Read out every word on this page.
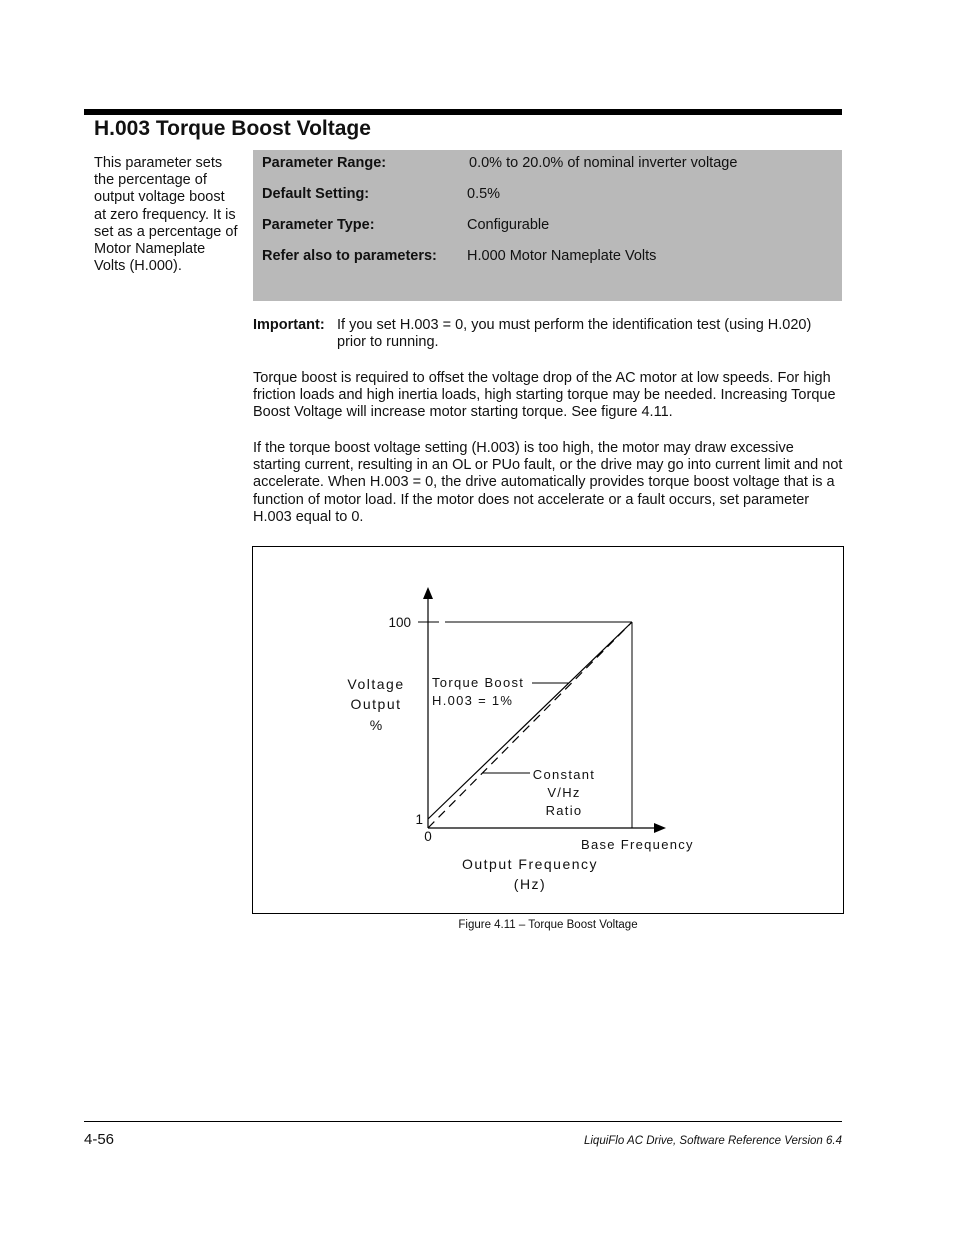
H.003 Torque Boost Voltage
This parameter sets the percentage of output voltage boost at zero frequency. It is set as a percentage of Motor Nameplate Volts (H.000).
Parameter Range:	0.0% to 20.0% of nominal inverter voltage
Default Setting:	0.5%
Parameter Type:	Configurable
Refer also to parameters: H.000 Motor Nameplate Volts
Important: If you set H.003 = 0, you must perform the identification test (using H.020) prior to running.

Torque boost is required to offset the voltage drop of the AC motor at low speeds. For high friction loads and high inertia loads, high starting torque may be needed. Increasing Torque Boost Voltage will increase motor starting torque. See figure 4.11.

If the torque boost voltage setting (H.003) is too high, the motor may draw excessive starting current, resulting in an OL or PUo fault, or the drive may go into current limit and not accelerate. When H.003 = 0, the drive automatically provides torque boost voltage that is a function of motor load. If the motor does not accelerate or a fault occurs, set parameter H.003 equal to 0.

100
1
0
Voltage
Output
%
Output Frequency
(Hz)
Base Frequency
Torque Boost
H.003 = 1%
Constant
V/Hz
Ratio
Figure 4.11 – Torque Boost Voltage
4-56	LiquiFlo AC Drive, Software Reference Version 6.4
